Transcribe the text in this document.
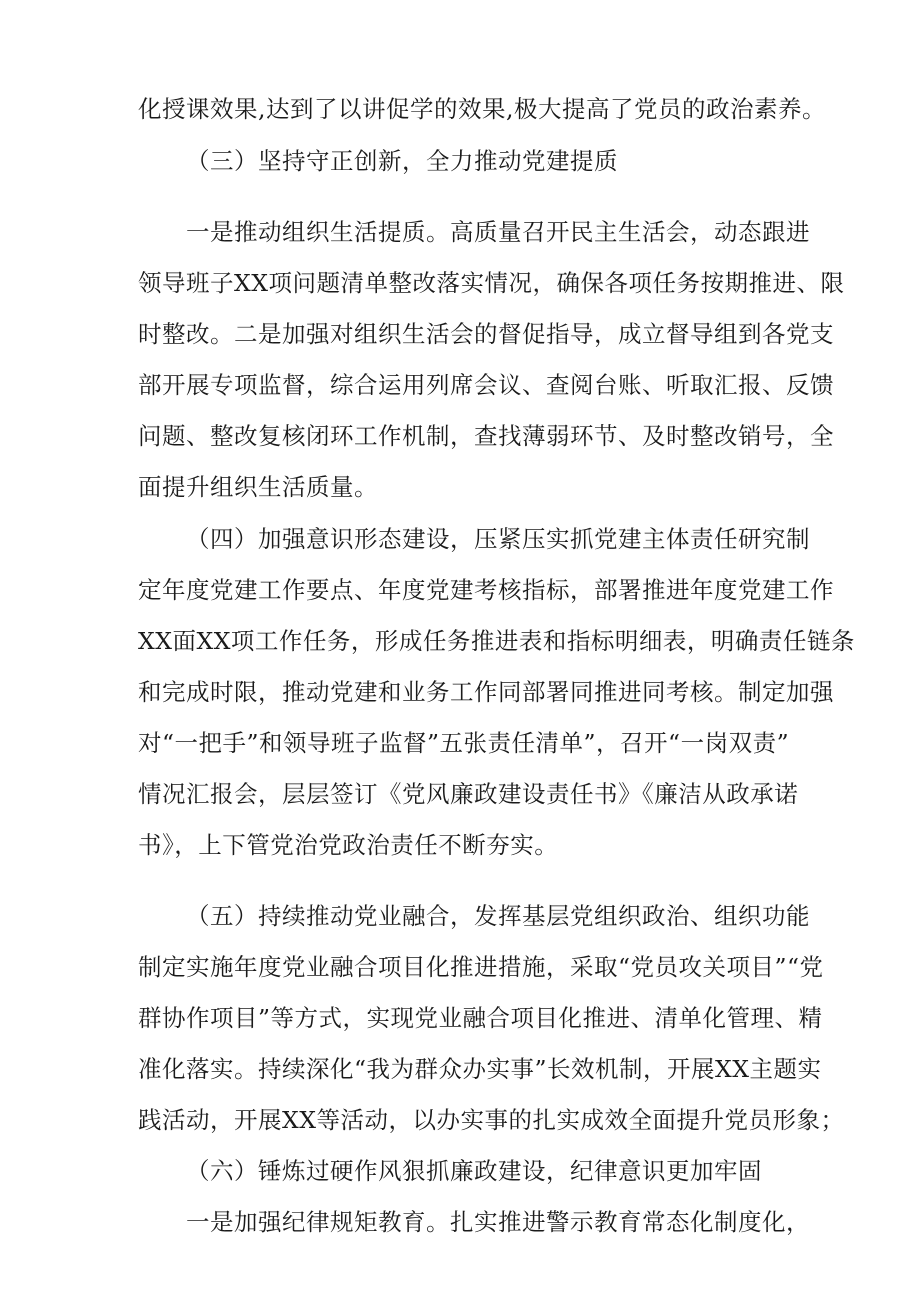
化授课效果,达到了以讲促学的效果,极大提高了党员的政治素养。
（三）坚持守正创新，全力推动党建提质
一是推动组织生活提质。高质量召开民主生活会，动态跟进
领导班子XX项问题清单整改落实情况，确保各项任务按期推进、限
时整改。二是加强对组织生活会的督促指导，成立督导组到各党支
部开展专项监督，综合运用列席会议、查阅台账、听取汇报、反馈
问题、整改复核闭环工作机制，查找薄弱环节、及时整改销号，全
面提升组织生活质量。
（四）加强意识形态建设，压紧压实抓党建主体责任研究制
定年度党建工作要点、年度党建考核指标，部署推进年度党建工作
XX面XX项工作任务，形成任务推进表和指标明细表，明确责任链条
和完成时限，推动党建和业务工作同部署同推进同考核。制定加强
对“一把手”和领导班子监督”五张责任清单”，召开“一岗双责”
情况汇报会，层层签订《党风廉政建设责任书》《廉洁从政承诺
书》，上下管党治党政治责任不断夯实。
（五）持续推动党业融合，发挥基层党组织政治、组织功能
制定实施年度党业融合项目化推进措施，采取“党员攻关项目”“党
群协作项目”等方式，实现党业融合项目化推进、清单化管理、精
准化落实。持续深化“我为群众办实事”长效机制，开展XX主题实
践活动，开展XX等活动，以办实事的扎实成效全面提升党员形象；
（六）锤炼过硬作风狠抓廉政建设，纪律意识更加牢固
一是加强纪律规矩教育。扎实推进警示教育常态化制度化，
